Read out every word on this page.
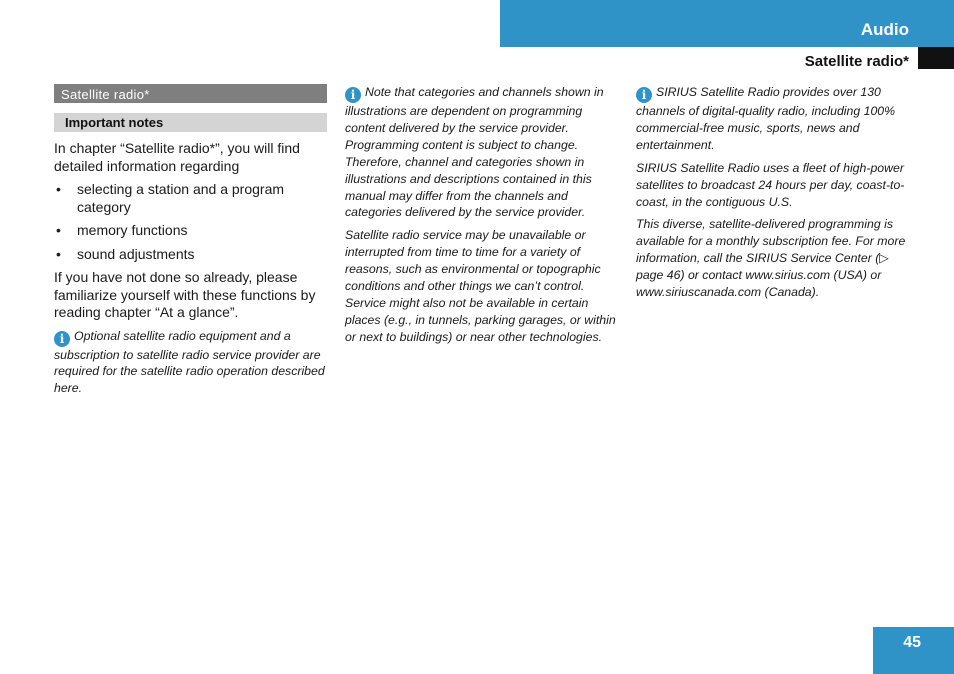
Audio
Satellite radio*
Satellite radio*
Important notes

In chapter “Satellite radio*”, you will find detailed information regarding

• selecting a station and a program category
• memory functions
• sound adjustments

If you have not done so already, please familiarize yourself with these functions by reading chapter “At a glance”.

i Optional satellite radio equipment and a subscription to satellite radio service provider are required for the satellite radio operation described here.

i Note that categories and channels shown in illustrations are dependent on programming content delivered by the service provider. Programming content is subject to change. Therefore, channel and categories shown in illustrations and descriptions contained in this manual may differ from the channels and categories delivered by the service provider.

Satellite radio service may be unavailable or interrupted from time to time for a variety of reasons, such as environmental or topographic conditions and other things we can’t control. Service might also not be available in certain places (e.g., in tunnels, parking garages, or within or next to buildings) or near other technologies.

i SIRIUS Satellite Radio provides over 130 channels of digital-quality radio, including 100% commercial-free music, sports, news and entertainment.

SIRIUS Satellite Radio uses a fleet of high-power satellites to broadcast 24 hours per day, coast-to-coast, in the contiguous U.S.

This diverse, satellite-delivered programming is available for a monthly subscription fee. For more information, call the SIRIUS Service Center (▷ page 46) or contact www.sirius.com (USA) or www.siriuscanada.com (Canada).

45
